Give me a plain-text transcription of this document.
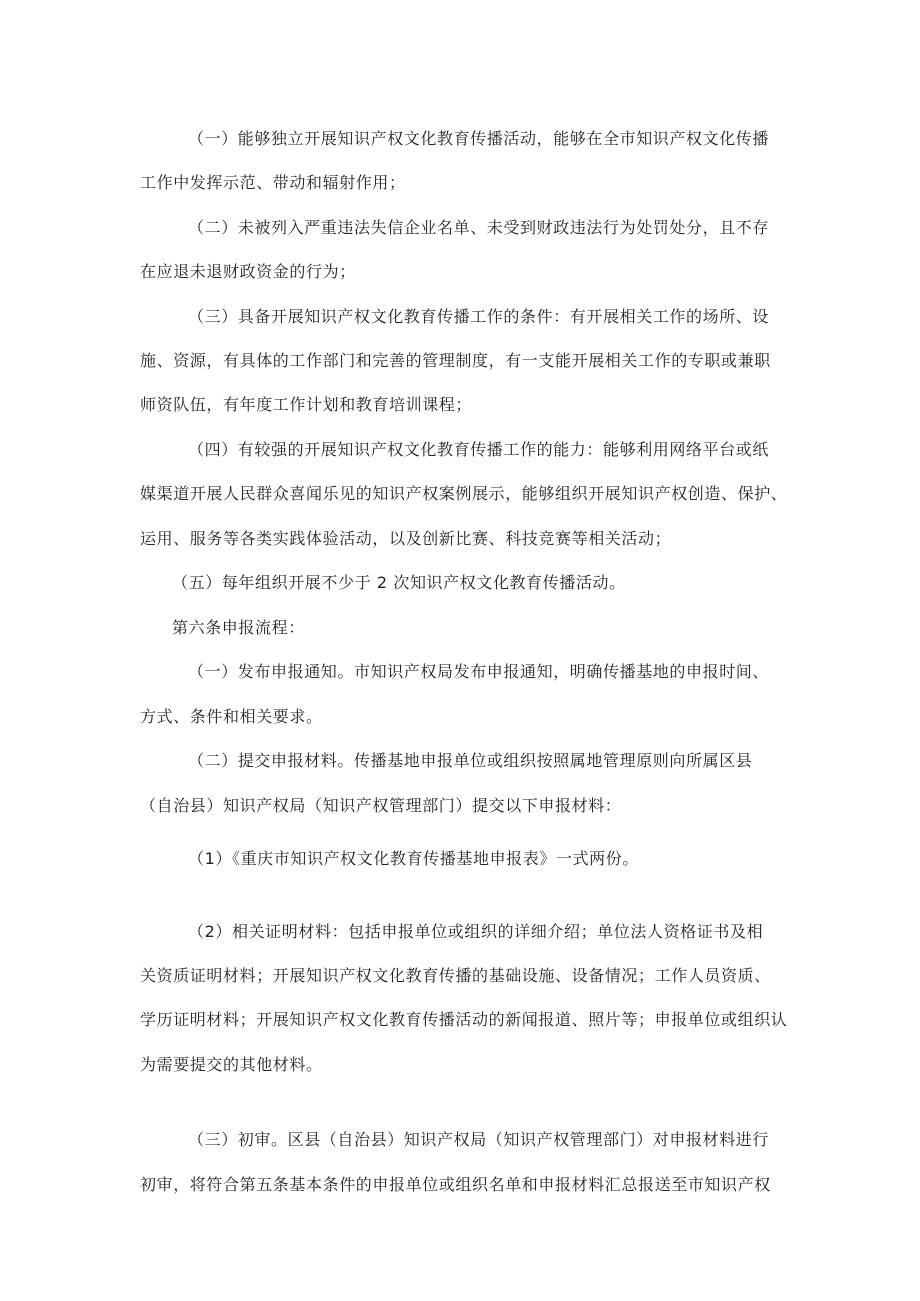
（一）能够独立开展知识产权文化教育传播活动，能够在全市知识产权文化传播
工作中发挥示范、带动和辐射作用；
（二）未被列入严重违法失信企业名单、未受到财政违法行为处罚处分，且不存
在应退未退财政资金的行为；
（三）具备开展知识产权文化教育传播工作的条件：有开展相关工作的场所、设
施、资源，有具体的工作部门和完善的管理制度，有一支能开展相关工作的专职或兼职
师资队伍，有年度工作计划和教育培训课程；
（四）有较强的开展知识产权文化教育传播工作的能力：能够利用网络平台或纸
媒渠道开展人民群众喜闻乐见的知识产权案例展示，能够组织开展知识产权创造、保护、
运用、服务等各类实践体验活动，以及创新比赛、科技竞赛等相关活动；
（五）每年组织开展不少于 2 次知识产权文化教育传播活动。
第六条申报流程：
（一）发布申报通知。市知识产权局发布申报通知，明确传播基地的申报时间、
方式、条件和相关要求。
（二）提交申报材料。传播基地申报单位或组织按照属地管理原则向所属区县
（自治县）知识产权局（知识产权管理部门）提交以下申报材料：
（1）《重庆市知识产权文化教育传播基地申报表》一式两份。
（2）相关证明材料：包括申报单位或组织的详细介绍；单位法人资格证书及相
关资质证明材料；开展知识产权文化教育传播的基础设施、设备情况；工作人员资质、
学历证明材料；开展知识产权文化教育传播活动的新闻报道、照片等；申报单位或组织认
为需要提交的其他材料。
（三）初审。区县（自治县）知识产权局（知识产权管理部门）对申报材料进行
初审，将符合第五条基本条件的申报单位或组织名单和申报材料汇总报送至市知识产权
